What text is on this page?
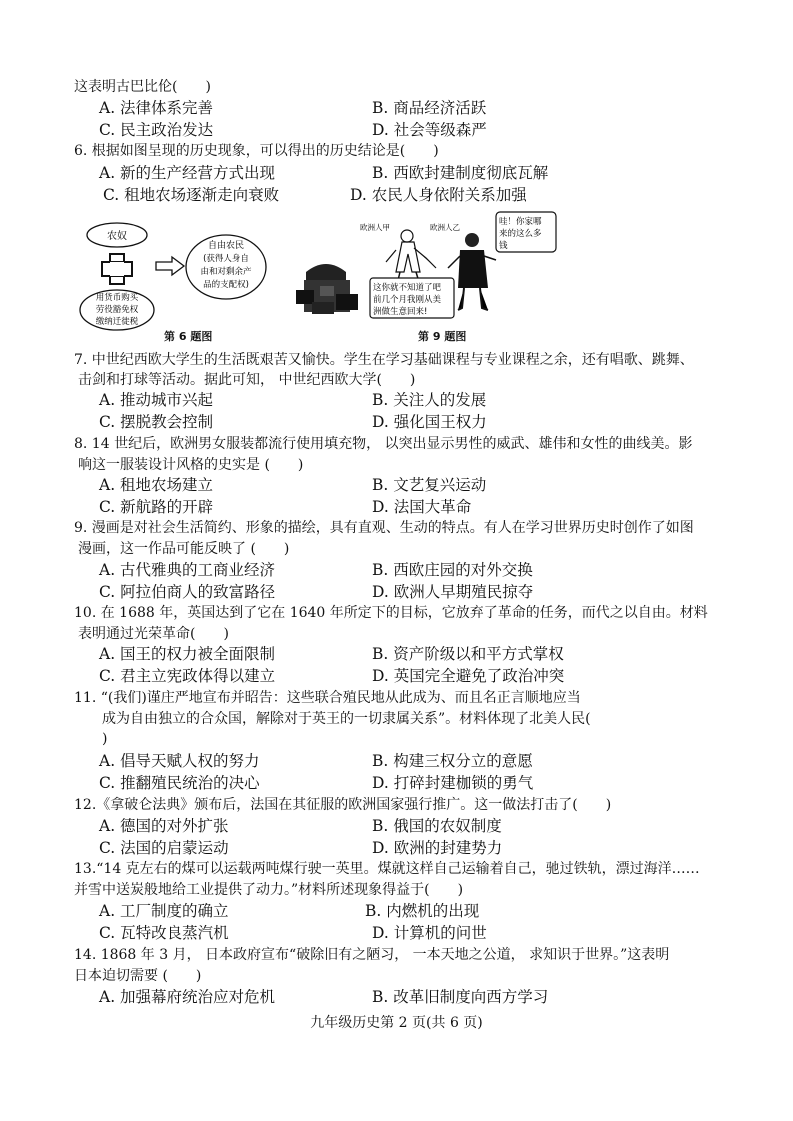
这表明古巴比伦(　　)
A. 法律体系完善	B. 商品经济活跃
C. 民主政治发达	D. 社会等级森严
6. 根据如图呈现的历史现象，可以得出的历史结论是(　　)
A. 新的生产经营方式出现	B. 西欧封建制度彻底瓦解
C. 租地农场逐渐走向衰败	D. 农民人身依附关系加强
农奴
用货币购买
劳役豁免权
缴纳迁徙税
自由农民
(获得人身自
由和对剩余产
品的支配权)
欧洲人甲	欧洲人乙
哇！你家哪
来的这么多
钱
这你就不知道了吧
前几个月我刚从美
洲做生意回来!
第 6 题图	第 9 题图
7. 中世纪西欧大学生的生活既艰苦又愉快。学生在学习基础课程与专业课程之余，还有唱歌、跳舞、
击剑和打球等活动。据此可知， 中世纪西欧大学(　　)
A. 推动城市兴起	B. 关注人的发展
C. 摆脱教会控制	D. 强化国王权力
8. 14 世纪后，欧洲男女服装都流行使用填充物， 以突出显示男性的威武、雄伟和女性的曲线美。影
响这一服装设计风格的史实是 (　　)
A. 租地农场建立	B. 文艺复兴运动
C. 新航路的开辟	D. 法国大革命
9. 漫画是对社会生活简约、形象的描绘，具有直观、生动的特点。有人在学习世界历史时创作了如图
漫画，这一作品可能反映了 (　　)
A. 古代雅典的工商业经济	B. 西欧庄园的对外交换
C. 阿拉伯商人的致富路径	D. 欧洲人早期殖民掠夺
10. 在 1688 年，英国达到了它在 1640 年所定下的目标，它放弃了革命的任务，而代之以自由。材料
表明通过光荣革命(　　)
A. 国王的权力被全面限制	B. 资产阶级以和平方式掌权
C. 君主立宪政体得以建立	D. 英国完全避免了政治冲突
11. “(我们)谨庄严地宣布并昭告：这些联合殖民地从此成为、而且名正言顺地应当
成为自由独立的合众国，解除对于英王的一切隶属关系”。材料体现了北美人民(
)
A. 倡导天赋人权的努力	B. 构建三权分立的意愿
C. 推翻殖民统治的决心	D. 打碎封建枷锁的勇气
12.《拿破仑法典》颁布后，法国在其征服的欧洲国家强行推广。这一做法打击了(　　)
A. 德国的对外扩张	B. 俄国的农奴制度
C. 法国的启蒙运动	D. 欧洲的封建势力
13.“14 克左右的煤可以运载两吨煤行驶一英里。煤就这样自己运输着自己，驰过铁轨，漂过海洋……
并雪中送炭般地给工业提供了动力。”材料所述现象得益于(　　)
A. 工厂制度的确立	B. 内燃机的出现
C. 瓦特改良蒸汽机	D. 计算机的问世
14. 1868 年 3 月， 日本政府宣布“破除旧有之陋习， 一本天地之公道， 求知识于世界。”这表明
日本迫切需要 (　　)
A. 加强幕府统治应对危机	B. 改革旧制度向西方学习
九年级历史第 2 页(共 6 页)
